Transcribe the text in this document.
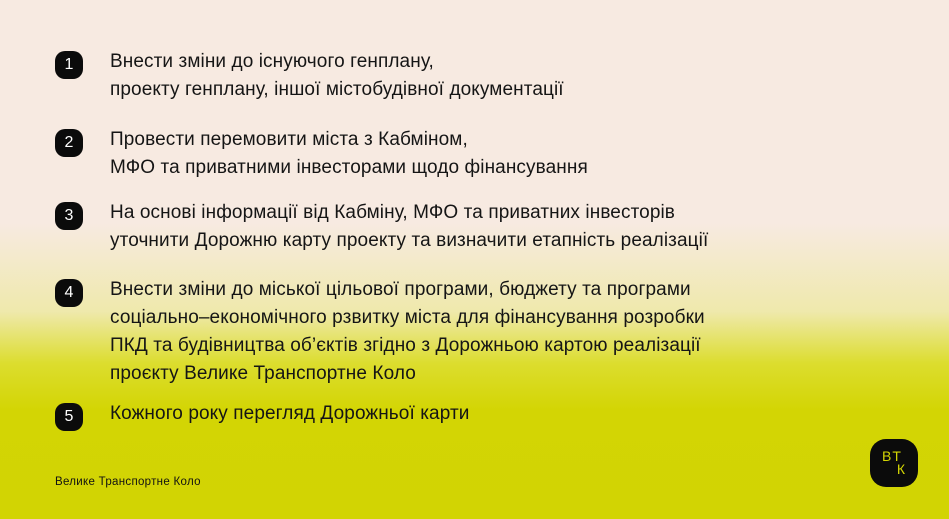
1	Внести зміни до існуючого генплану,
проекту генплану, іншої містобудівної документації
2	Провести перемовити міста з Кабміном,
МФО та приватними інвесторами щодо фінансування
3	На основі інформації від Кабміну, МФО та приватних інвесторів
уточнити Дорожню карту проекту та визначити етапність реалізації
4	Внести зміни до міської цільової програми, бюджету та програми
соціально–економічного рзвитку міста для фінансування розробки
ПКД та будівництва об’єктів згідно з Дорожньою картою реалізації
проєкту Велике Транспортне Коло
5	Кожного року перегляд Дорожньої карти
Велике Транспортне Коло
ВТ
К
